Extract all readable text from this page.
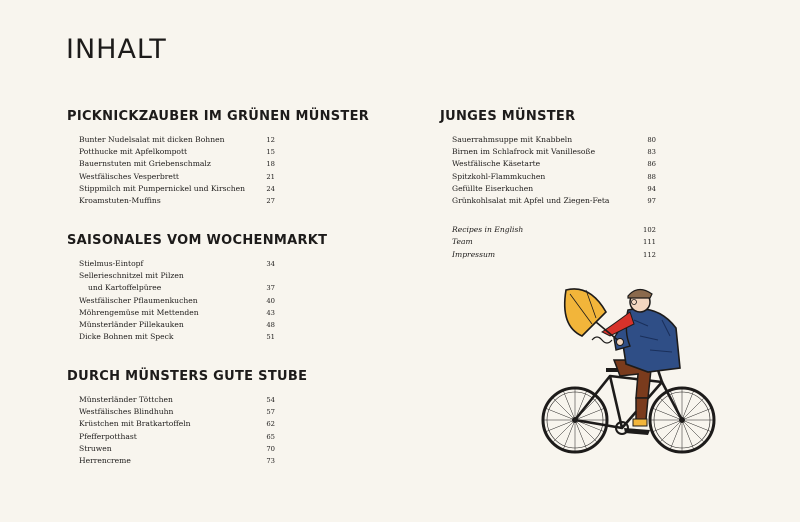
INHALT
PICKNICKZAUBER IM GRÜNEN MÜNSTER
Bunter Nudelsalat mit dicken Bohnen	12
Potthucke mit Apfelkompott	15
Bauernstuten mit Griebenschmalz	18
Westfälisches Vesperbrett	21
Stippmilch mit Pumpernickel und Kirschen	24
Kroamstuten-Muffins	27
SAISONALES VOM WOCHENMARKT
Stielmus-Eintopf	34
Sellerieschnitzel mit Pilzen
und Kartoffelpüree	37
Westfälischer Pflaumenkuchen	40
Möhrengemüse mit Mettenden	43
Münsterländer Pillekauken	48
Dicke Bohnen mit Speck	51
DURCH MÜNSTERS GUTE STUBE
Münsterländer Töttchen	54
Westfälisches Blindhuhn	57
Krüstchen mit Bratkartoffeln	62
Pfefferpotthast	65
Struwen	70
Herrencreme	73
JUNGES MÜNSTER
Sauerrahmsuppe mit Knabbeln	80
Birnen im Schlafrock mit Vanillesoße	83
Westfälische Käsetarte	86
Spitzkohl-Flammkuchen	88
Gefüllte Eiserkuchen	94
Grünkohlsalat mit Apfel und Ziegen-Feta	97
Recipes in English	102
Team	111
Impressum	112
